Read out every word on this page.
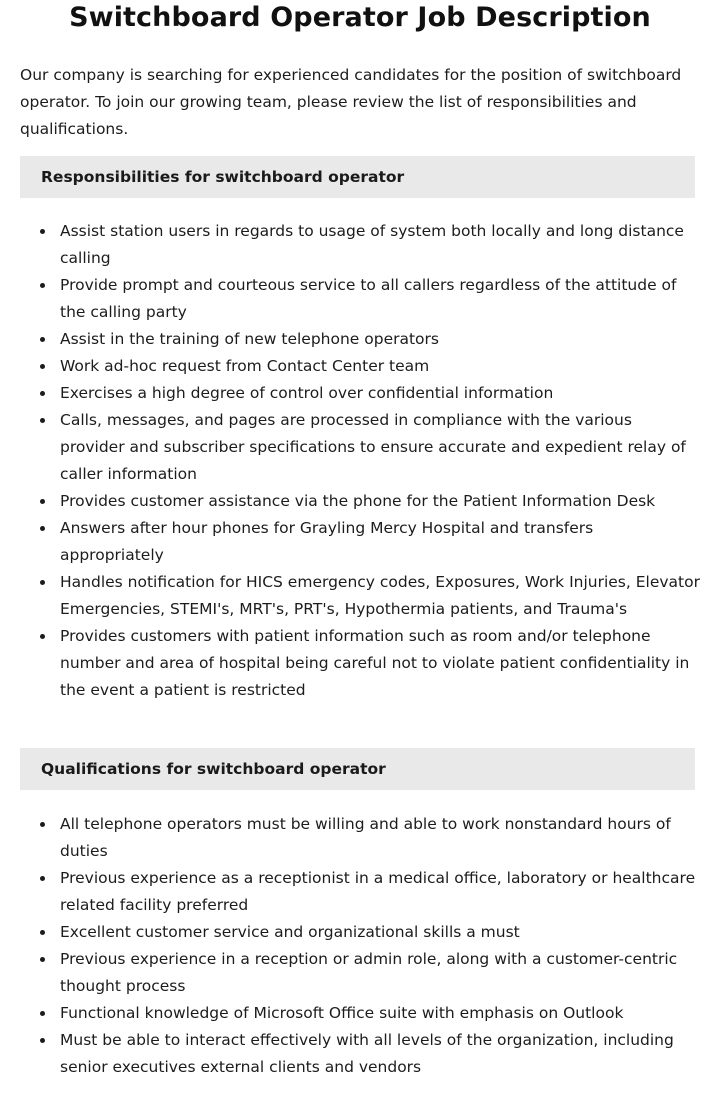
Switchboard Operator Job Description
Our company is searching for experienced candidates for the position of switchboard operator. To join our growing team, please review the list of responsibilities and qualifications.
Responsibilities for switchboard operator
Assist station users in regards to usage of system both locally and long distance calling
Provide prompt and courteous service to all callers regardless of the attitude of the calling party
Assist in the training of new telephone operators
Work ad-hoc request from Contact Center team
Exercises a high degree of control over confidential information
Calls, messages, and pages are processed in compliance with the various provider and subscriber specifications to ensure accurate and expedient relay of caller information
Provides customer assistance via the phone for the Patient Information Desk
Answers after hour phones for Grayling Mercy Hospital and transfers appropriately
Handles notification for HICS emergency codes, Exposures, Work Injuries, Elevator Emergencies, STEMI's, MRT's, PRT's, Hypothermia patients, and Trauma's
Provides customers with patient information such as room and/or telephone number and area of hospital being careful not to violate patient confidentiality in the event a patient is restricted
Qualifications for switchboard operator
All telephone operators must be willing and able to work nonstandard hours of duties
Previous experience as a receptionist in a medical office, laboratory or healthcare related facility preferred
Excellent customer service and organizational skills a must
Previous experience in a reception or admin role, along with a customer-centric thought process
Functional knowledge of Microsoft Office suite with emphasis on Outlook
Must be able to interact effectively with all levels of the organization, including senior executives external clients and vendors
